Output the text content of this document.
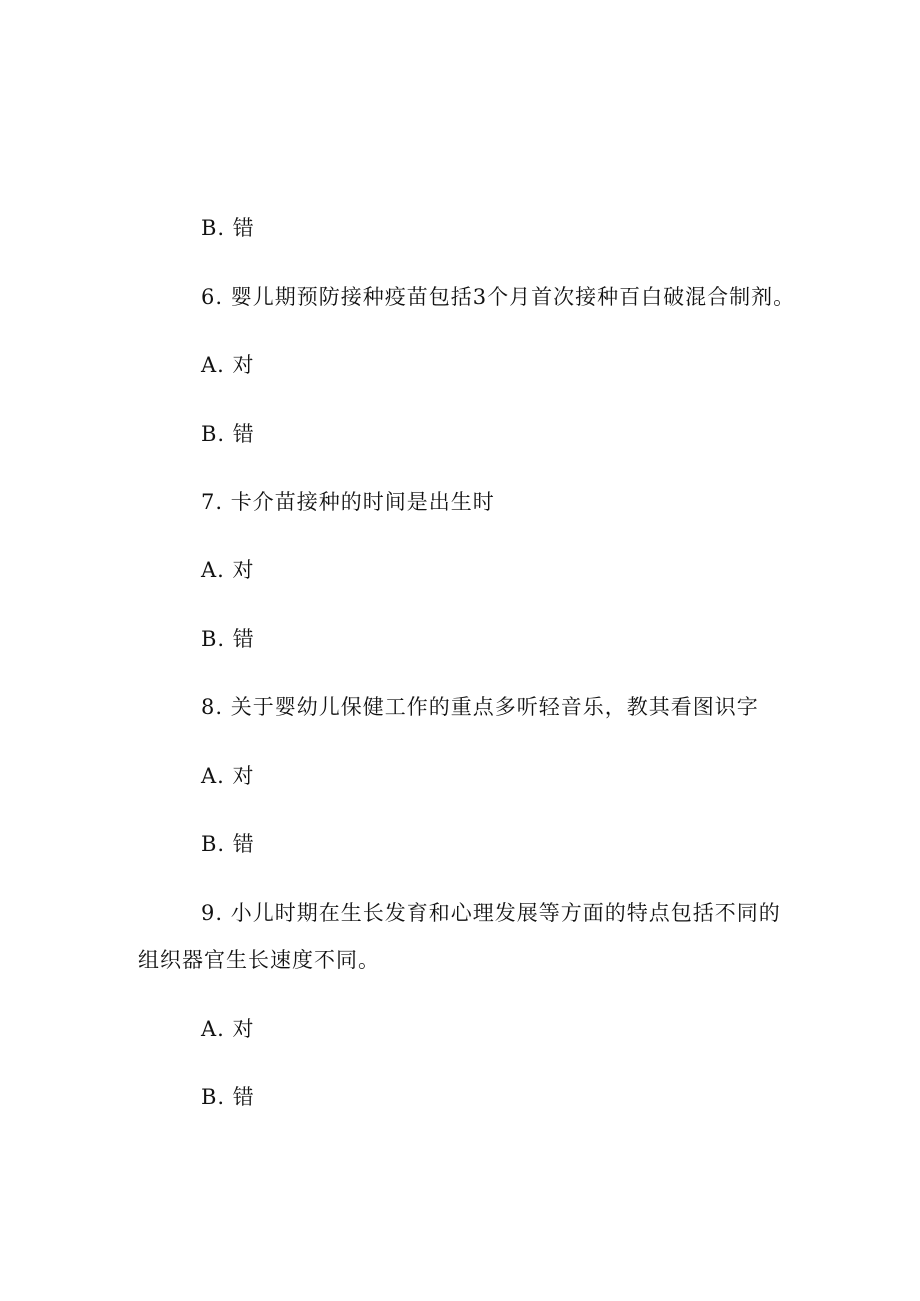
B. 错
6. 婴儿期预防接种疫苗包括3个月首次接种百白破混合制剂。
A. 对
B. 错
7. 卡介苗接种的时间是出生时
A. 对
B. 错
8. 关于婴幼儿保健工作的重点多听轻音乐，教其看图识字
A. 对
B. 错
9. 小儿时期在生长发育和心理发展等方面的特点包括不同的
组织器官生长速度不同。
A. 对
B. 错
